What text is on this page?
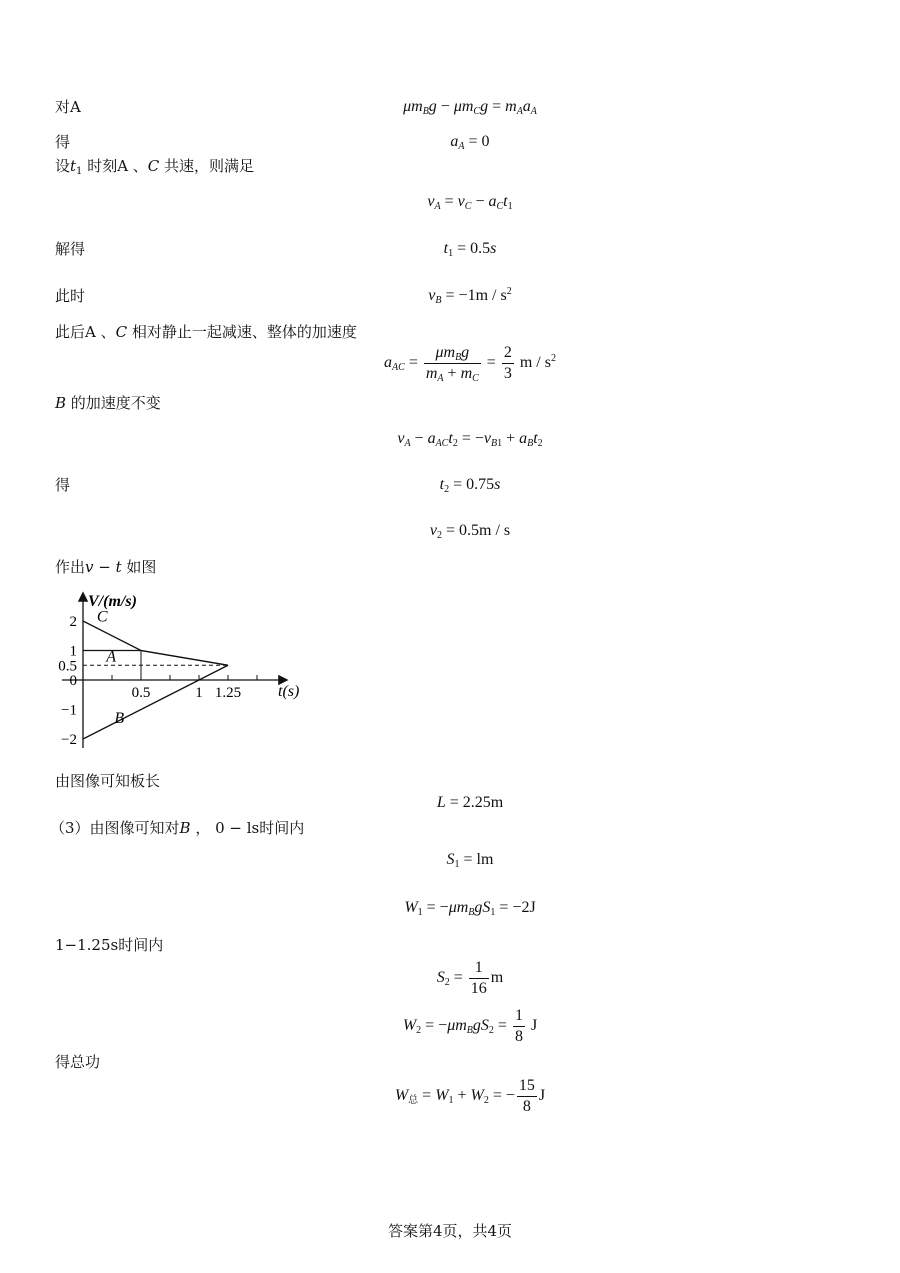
对A	$\mu m_Bg - \mu m_Cg = m_Aa_A$
得	$a_A = 0$
设$t_1$ 时刻A 、C 共速，则满足
$v_A = v_C - a_Ct_1$
解得	$t_1 = 0.5s$
此时	$v_B = -1m / s^2$
此后A 、C 相对静止一起减速、整体的加速度
$a_{AC} = \frac{\mu m_Bg}{m_A + m_C} = \frac{2}{3}$ m / $s^2$
B 的加速度不变
$v_A - a_{AC}t_2 = -v_{B1} + a_Bt_2$
得	$t_2 = 0.75s$
$v_2 = 0.5m / s$
作出v − t 如图
2
1
0.5
0
−1
−2
0.5	1 1.25
C
A
B
V/(m/s)
t(s)
由图像可知板长
L = 2.25m
（3）由图像可知对B ， 0 − ls时间内
$S_1$ = lm
$W_1 = -\mu m_BgS_1 = -2J$
1−1.25s时间内
$S_2 = \frac{1}{16}$ m
$W_2 = -\mu m_BgS_2 = \frac{1}{8}$ J
得总功
$W_总 = W_1 + W_2$ = − $\frac{15}{8}$ J
答案第4页，共4页
